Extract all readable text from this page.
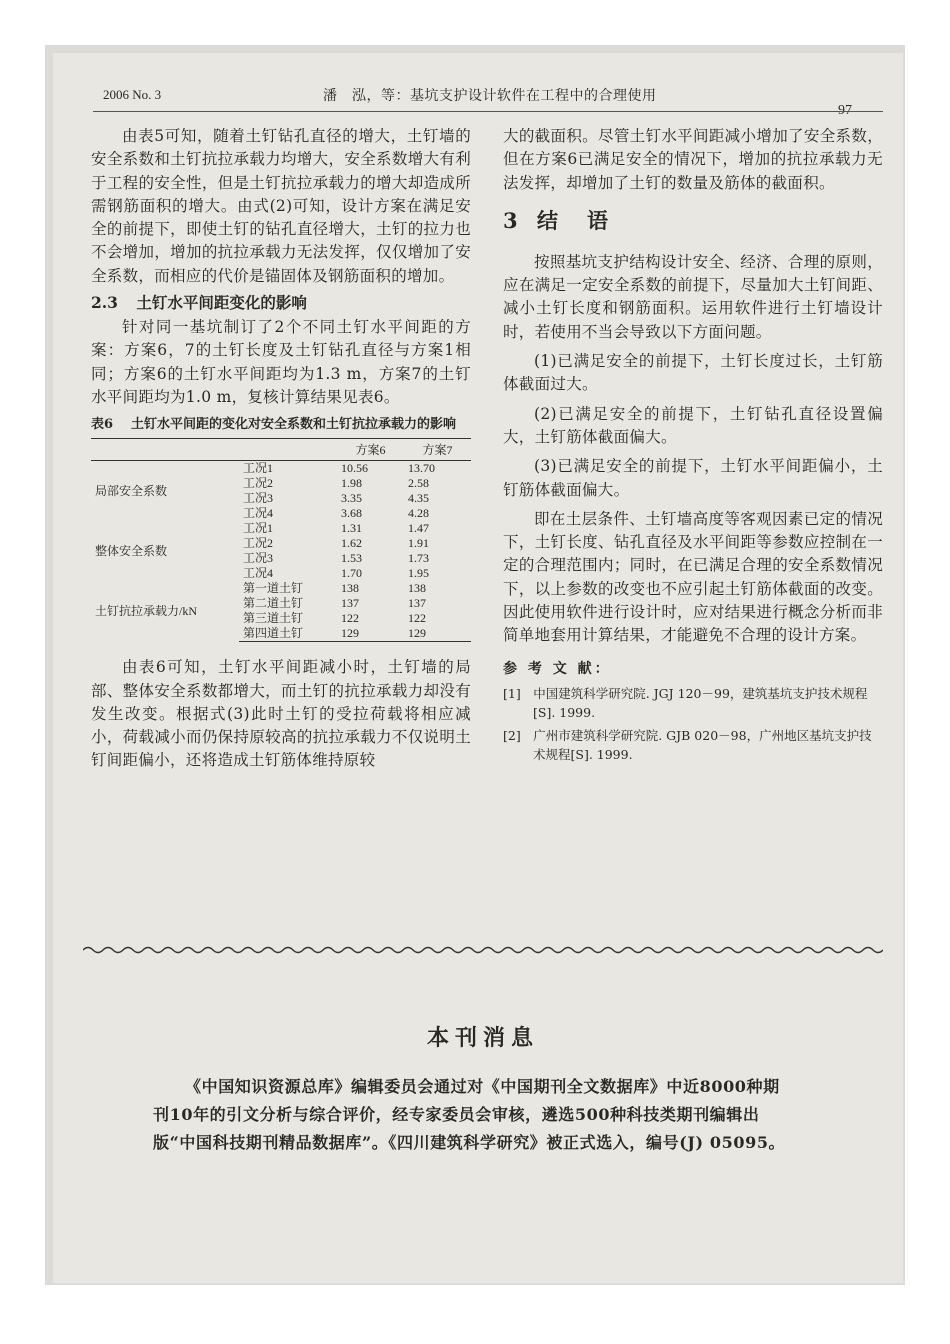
2006 No. 3	潘　泓，等：基坑支护设计软件在工程中的合理使用
97

由表5可知，随着土钉钻孔直径的增大，土钉墙的安全系数和土钉抗拉承载力均增大，安全系数增大有利于工程的安全性，但是土钉抗拉承载力的增大却造成所需钢筋面积的增大。由式(2)可知，设计方案在满足安全的前提下，即使土钉的钻孔直径增大，土钉的拉力也不会增加，增加的抗拉承载力无法发挥，仅仅增加了安全系数，而相应的代价是锚固体及钢筋面积的增加。

2.3 土钉水平间距变化的影响

针对同一基坑制订了2个不同土钉水平间距的方案：方案6，7的土钉长度及土钉钻孔直径与方案1相同；方案6的土钉水平间距均为1.3 m，方案7的土钉水平间距均为1.0 m，复核计算结果见表6。

表6 土钉水平间距的变化对安全系数和土钉抗拉承载力的影响
		方案6	方案7
局部安全系数	工况1	10.56	13.70
	工况2	1.98	2.58
	工况3	3.35	4.35
	工况4	3.68	4.28
整体安全系数	工况1	1.31	1.47
	工况2	1.62	1.91
	工况3	1.53	1.73
	工况4	1.70	1.95
土钉抗拉承载力/kN	第一道土钉	138	138
	第二道土钉	137	137
	第三道土钉	122	122
	第四道土钉	129	129

由表6可知，土钉水平间距减小时，土钉墙的局部、整体安全系数都增大，而土钉的抗拉承载力却没有发生改变。根据式(3)此时土钉的受拉荷载将相应减小，荷载减小而仍保持原较高的抗拉承载力不仅说明土钉间距偏小，还将造成土钉筋体维持原较

大的截面积。尽管土钉水平间距减小增加了安全系数，但在方案6已满足安全的情况下，增加的抗拉承载力无法发挥，却增加了土钉的数量及筋体的截面积。

3 结　语

按照基坑支护结构设计安全、经济、合理的原则，应在满足一定安全系数的前提下，尽量加大土钉间距、减小土钉长度和钢筋面积。运用软件进行土钉墙设计时，若使用不当会导致以下方面问题。

(1)已满足安全的前提下，土钉长度过长，土钉筋体截面过大。

(2)已满足安全的前提下，土钉钻孔直径设置偏大，土钉筋体截面偏大。

(3)已满足安全的前提下，土钉水平间距偏小，土钉筋体截面偏大。

即在土层条件、土钉墙高度等客观因素已定的情况下，土钉长度、钻孔直径及水平间距等参数应控制在一定的合理范围内；同时，在已满足合理的安全系数情况下，以上参数的改变也不应引起土钉筋体截面的改变。因此使用软件进行设计时，应对结果进行概念分析而非简单地套用计算结果，才能避免不合理的设计方案。

参 考 文 献：

[1]　中国建筑科学研究院. JGJ 120－99，建筑基坑支护技术规程[S]. 1999.

[2]　广州市建筑科学研究院. GJB 020－98，广州地区基坑支护技术规程[S]. 1999.

本刊消息

《中国知识资源总库》编辑委员会通过对《中国期刊全文数据库》中近8000种期刊10年的引文分析与综合评价，经专家委员会审核，遴选500种科技类期刊编辑出版“中国科技期刊精品数据库”。《四川建筑科学研究》被正式选入，编号(J) 05095。
